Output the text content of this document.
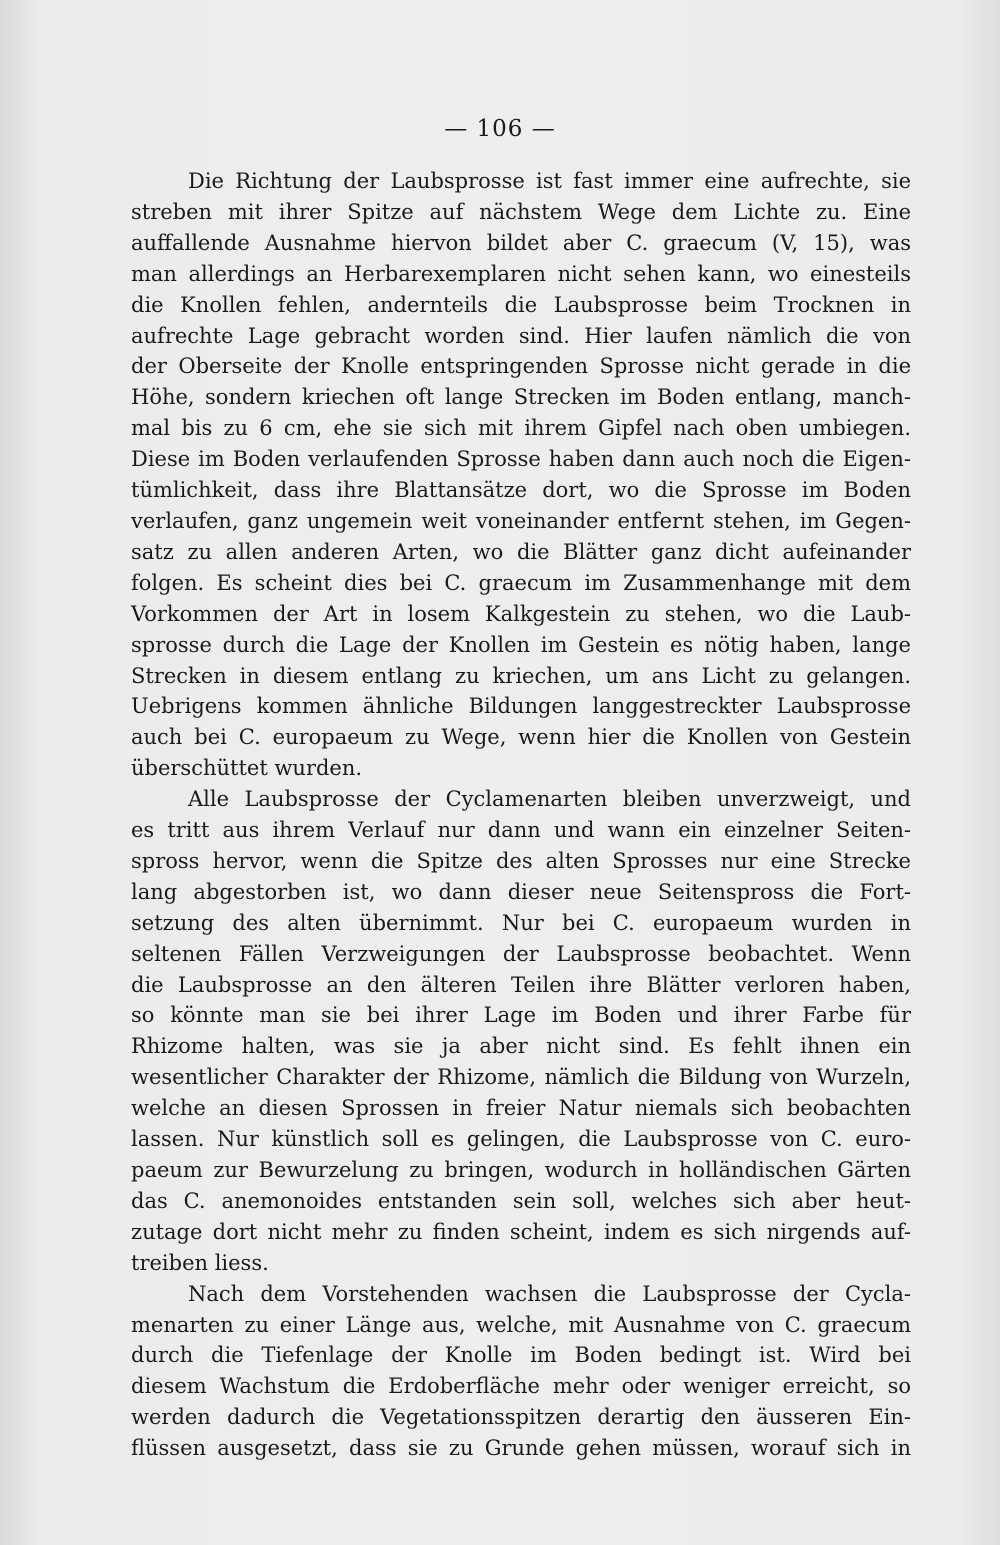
— 106 —

Die Richtung der Laubsprosse ist fast immer eine aufrechte, sie
streben mit ihrer Spitze auf nächstem Wege dem Lichte zu. Eine
auffallende Ausnahme hiervon bildet aber C. graecum (V, 15), was
man allerdings an Herbarexemplaren nicht sehen kann, wo einesteils
die Knollen fehlen, andernteils die Laubsprosse beim Trocknen in
aufrechte Lage gebracht worden sind. Hier laufen nämlich die von
der Oberseite der Knolle entspringenden Sprosse nicht gerade in die
Höhe, sondern kriechen oft lange Strecken im Boden entlang, manch-
mal bis zu 6 cm, ehe sie sich mit ihrem Gipfel nach oben umbiegen.
Diese im Boden verlaufenden Sprosse haben dann auch noch die Eigen-
tümlichkeit, dass ihre Blattansätze dort, wo die Sprosse im Boden
verlaufen, ganz ungemein weit voneinander entfernt stehen, im Gegen-
satz zu allen anderen Arten, wo die Blätter ganz dicht aufeinander
folgen. Es scheint dies bei C. graecum im Zusammenhange mit dem
Vorkommen der Art in losem Kalkgestein zu stehen, wo die Laub-
sprosse durch die Lage der Knollen im Gestein es nötig haben, lange
Strecken in diesem entlang zu kriechen, um ans Licht zu gelangen.
Uebrigens kommen ähnliche Bildungen langgestreckter Laubsprosse
auch bei C. europaeum zu Wege, wenn hier die Knollen von Gestein
überschüttet wurden.

Alle Laubsprosse der Cyclamenarten bleiben unverzweigt, und
es tritt aus ihrem Verlauf nur dann und wann ein einzelner Seiten-
spross hervor, wenn die Spitze des alten Sprosses nur eine Strecke
lang abgestorben ist, wo dann dieser neue Seitenspross die Fort-
setzung des alten übernimmt. Nur bei C. europaeum wurden in
seltenen Fällen Verzweigungen der Laubsprosse beobachtet. Wenn
die Laubsprosse an den älteren Teilen ihre Blätter verloren haben,
so könnte man sie bei ihrer Lage im Boden und ihrer Farbe für
Rhizome halten, was sie ja aber nicht sind. Es fehlt ihnen ein
wesentlicher Charakter der Rhizome, nämlich die Bildung von Wurzeln,
welche an diesen Sprossen in freier Natur niemals sich beobachten
lassen. Nur künstlich soll es gelingen, die Laubsprosse von C. euro-
paeum zur Bewurzelung zu bringen, wodurch in holländischen Gärten
das C. anemonoides entstanden sein soll, welches sich aber heut-
zutage dort nicht mehr zu finden scheint, indem es sich nirgends auf-
treiben liess.

Nach dem Vorstehenden wachsen die Laubsprosse der Cycla-
menarten zu einer Länge aus, welche, mit Ausnahme von C. graecum
durch die Tiefenlage der Knolle im Boden bedingt ist. Wird bei
diesem Wachstum die Erdoberfläche mehr oder weniger erreicht, so
werden dadurch die Vegetationsspitzen derartig den äusseren Ein-
flüssen ausgesetzt, dass sie zu Grunde gehen müssen, worauf sich in
